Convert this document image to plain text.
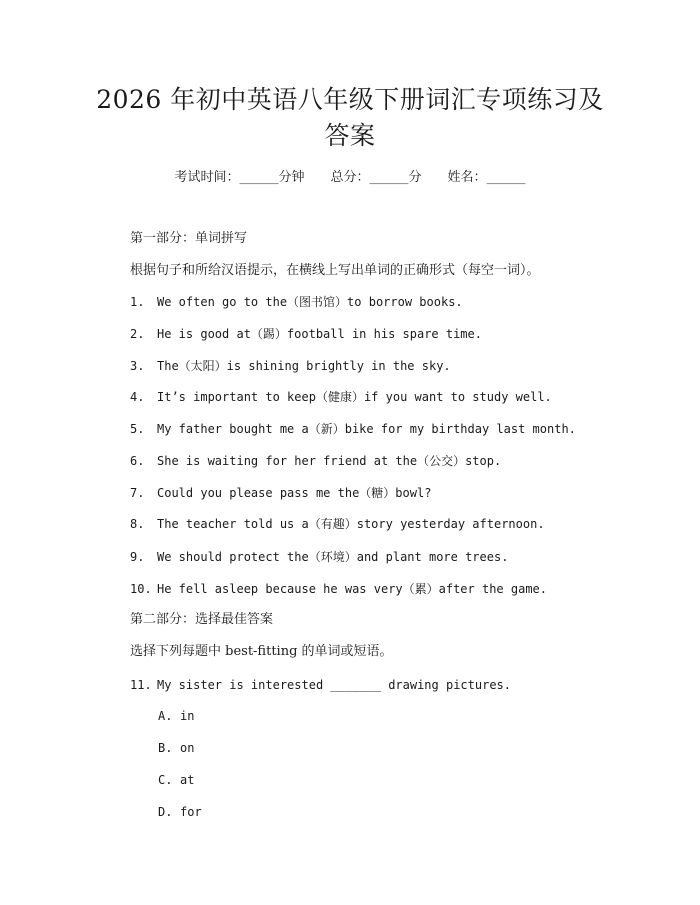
2026 年初中英语八年级下册词汇专项练习及
答案
考试时间：______分钟 总分：______分 姓名：______
第一部分：单词拼写
根据句子和所给汉语提示，在横线上写出单词的正确形式（每空一词）。
1. We often go to the（图书馆）to borrow books.
2. He is good at（踢）football in his spare time.
3. The（太阳）is shining brightly in the sky.
4. It’s important to keep（健康）if you want to study well.
5. My father bought me a（新）bike for my birthday last month.
6. She is waiting for her friend at the（公交）stop.
7. Could you please pass me the（糖）bowl?
8. The teacher told us a（有趣）story yesterday afternoon.
9. We should protect the（环境）and plant more trees.
10. He fell asleep because he was very（累）after the game.
第二部分：选择最佳答案
选择下列每题中 best-fitting 的单词或短语。
11. My sister is interested _______ drawing pictures.
A. in
B. on
C. at
D. for
